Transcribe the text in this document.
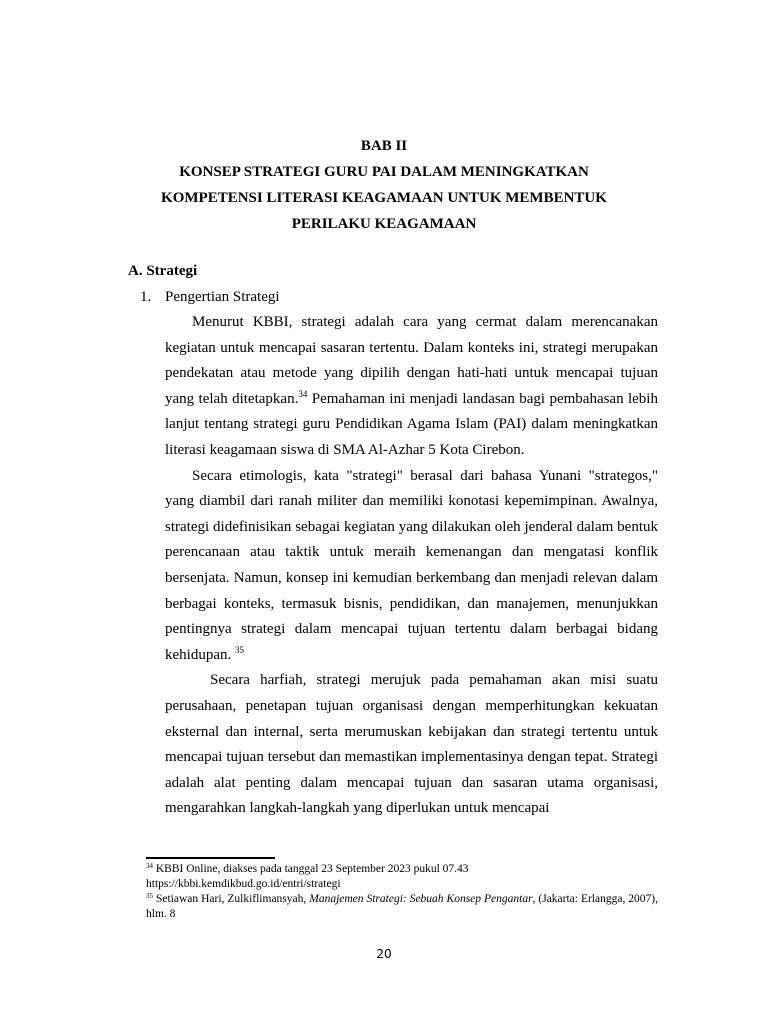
BAB II
KONSEP STRATEGI GURU PAI DALAM MENINGKATKAN
KOMPETENSI LITERASI KEAGAMAAN UNTUK MEMBENTUK
PERILAKU KEAGAMAAN
A. Strategi
1. Pengertian Strategi

Menurut KBBI, strategi adalah cara yang cermat dalam merencanakan kegiatan untuk mencapai sasaran tertentu. Dalam konteks ini, strategi merupakan pendekatan atau metode yang dipilih dengan hati-hati untuk mencapai tujuan yang telah ditetapkan.$^{34}$ Pemahaman ini menjadi landasan bagi pembahasan lebih lanjut tentang strategi guru Pendidikan Agama Islam (PAI) dalam meningkatkan literasi keagamaan siswa di SMA Al-Azhar 5 Kota Cirebon.

Secara etimologis, kata "strategi" berasal dari bahasa Yunani "strategos," yang diambil dari ranah militer dan memiliki konotasi kepemimpinan. Awalnya, strategi didefinisikan sebagai kegiatan yang dilakukan oleh jenderal dalam bentuk perencanaan atau taktik untuk meraih kemenangan dan mengatasi konflik bersenjata. Namun, konsep ini kemudian berkembang dan menjadi relevan dalam berbagai konteks, termasuk bisnis, pendidikan, dan manajemen, menunjukkan pentingnya strategi dalam mencapai tujuan tertentu dalam berbagai bidang kehidupan. $^{35}$

Secara harfiah, strategi merujuk pada pemahaman akan misi suatu perusahaan, penetapan tujuan organisasi dengan memperhitungkan kekuatan eksternal dan internal, serta merumuskan kebijakan dan strategi tertentu untuk mencapai tujuan tersebut dan memastikan implementasinya dengan tepat. Strategi adalah alat penting dalam mencapai tujuan dan sasaran utama organisasi, mengarahkan langkah-langkah yang diperlukan untuk mencapai

$^{34}$ KBBI Online, diakses pada tanggal 23 September 2023 pukul 07.43
https://kbbi.kemdikbud.go.id/entri/strategi

$^{35}$ Setiawan Hari, Zulkiflimansyah, Manajemen Strategi: Sebuah Konsep Pengantar, (Jakarta: Erlangga, 2007), hlm. 8

20
